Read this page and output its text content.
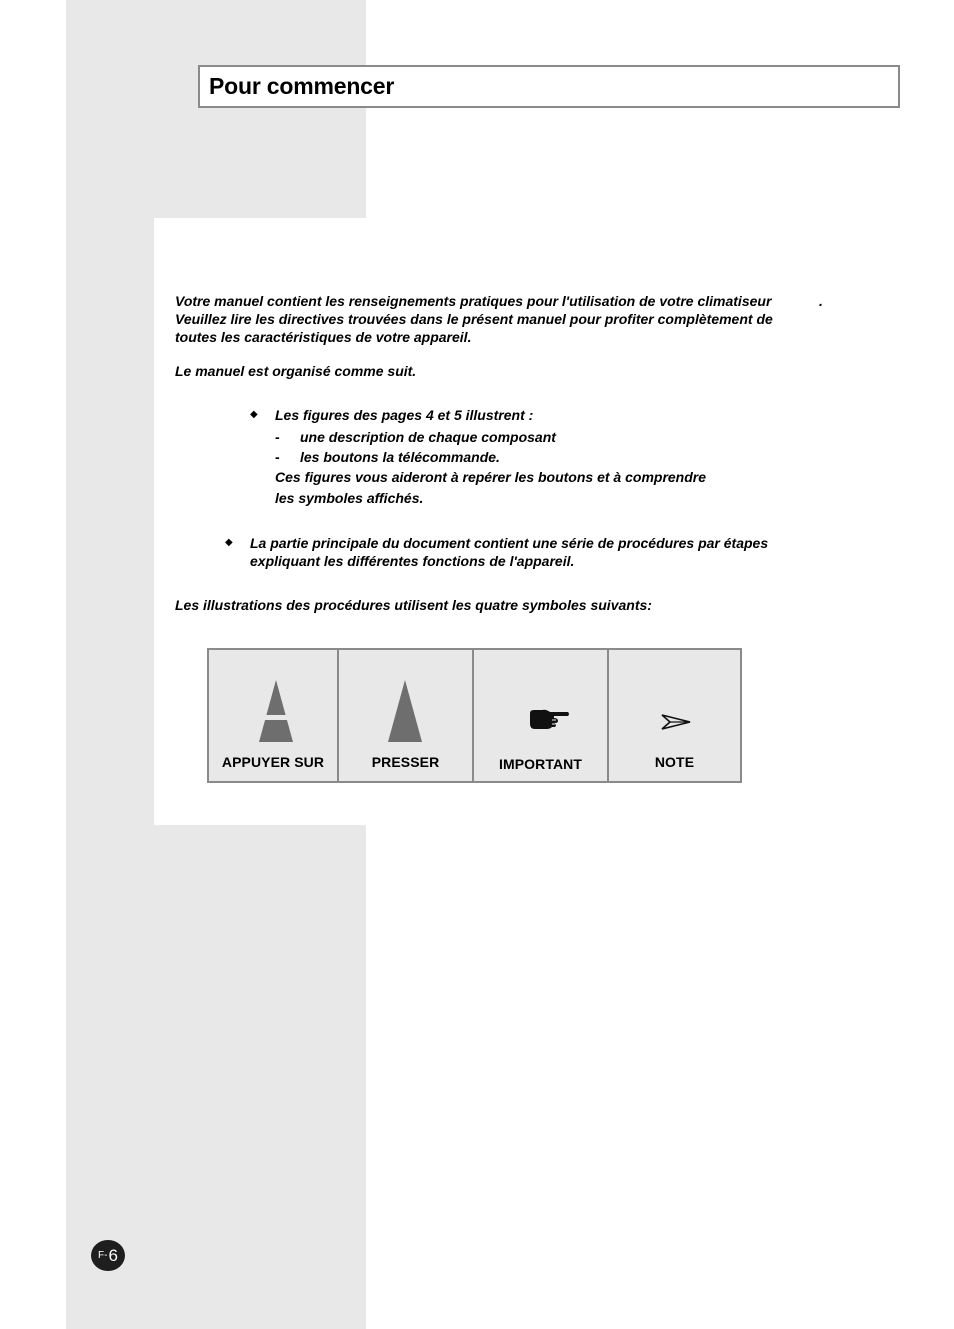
Pour commencer
Votre manuel contient les renseignements pratiques pour l'utilisation de votre climatiseur	.
Veuillez lire les directives trouvées dans le présent manuel pour profiter complètement de
toutes les caractéristiques de votre appareil.
Le manuel est organisé comme suit.
◆ Les figures des pages 4 et 5 illustrent :
- une description de chaque composant
- les boutons la télécommande.
Ces figures vous aideront à repérer les boutons et à comprendre
les symboles affichés.
◆ La partie principale du document contient une série de procédures par étapes
expliquant les différentes fonctions de l'appareil.
Les illustrations des procédures utilisent les quatre symboles suivants:
APPUYER SUR	PRESSER	IMPORTANT	NOTE
F- 6
